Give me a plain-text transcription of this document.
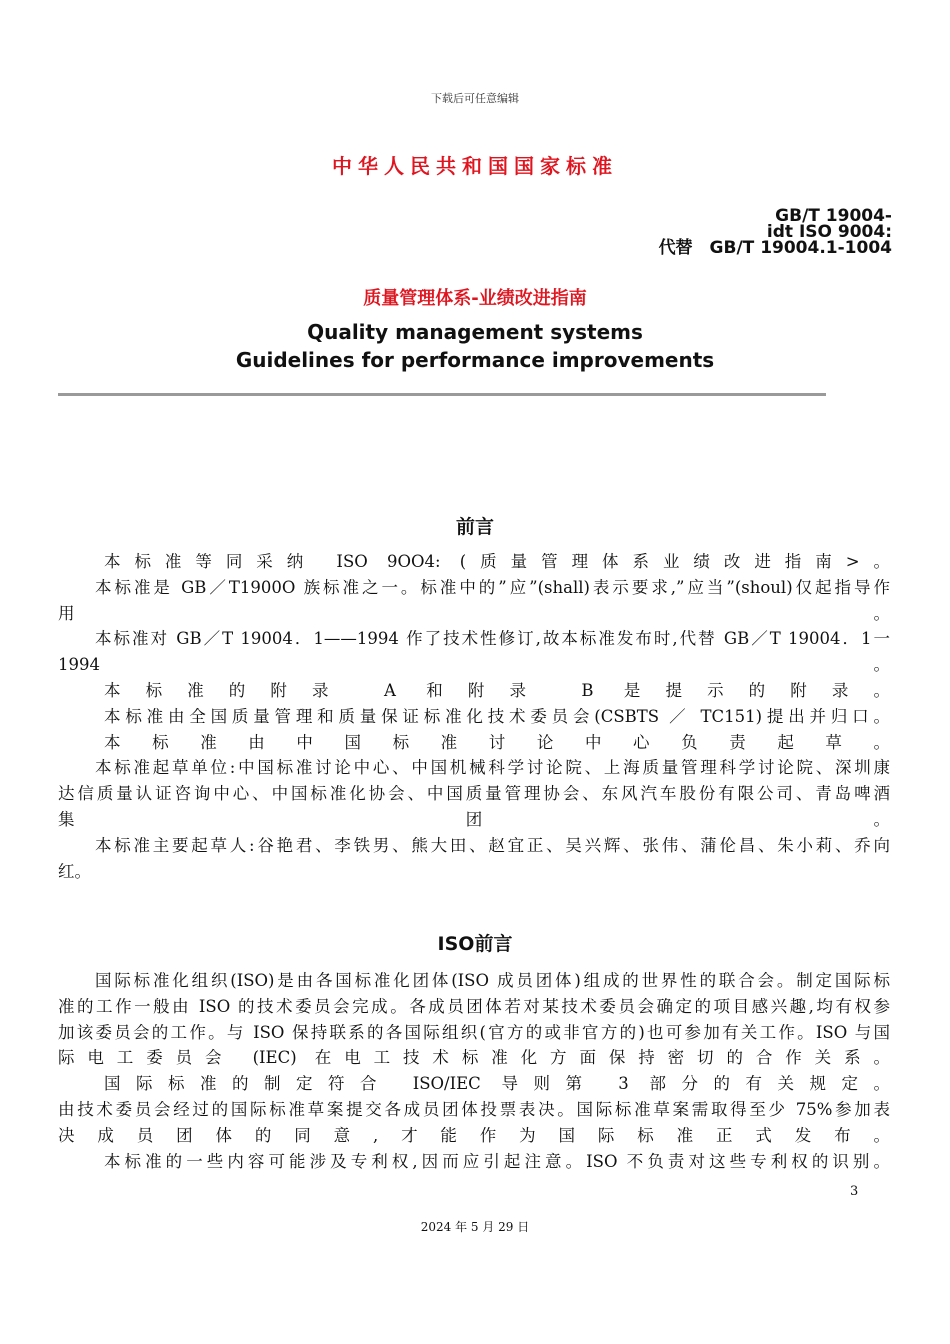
下载后可任意编辑
中华人民共和国国家标准
GB/T 19004-
idt ISO 9004:
代替　GB/T 19004.1-1004
质量管理体系-业绩改进指南
Quality management systems
Guidelines for performance improvements
前言
本标准等同采纳 ISO 9OO4: (质量管理体系业绩改进指南>。
本标准是 GB／T1900O 族标准之一。标准中的”应”(shall)表示要求,”应当”(shoul)仅起指导作
用。
本标准对 GB／T 19004．1——1994 作了技术性修订,故本标准发布时,代替 GB／T 19004．1一
1994 。
本标准的附录 A 和附录 B 是提示的附录。
本标准由全国质量管理和质量保证标准化技术委员会(CSBTS ／ TC151)提出并归口。
本标准由中国标准讨论中心负责起草。
本标准起草单位:中国标准讨论中心、中国机械科学讨论院、上海质量管理科学讨论院、深圳康
达信质量认证咨询中心、中国标准化协会、中国质量管理协会、东风汽车股份有限公司、青岛啤酒
集团。
本标准主要起草人:谷艳君、李铁男、熊大田、赵宜正、吴兴辉、张伟、蒲伦昌、朱小莉、乔向
红。
ISO前言
国际标准化组织(ISO)是由各国标准化团体(ISO 成员团体)组成的世界性的联合会。制定国际标
准的工作一般由 ISO 的技术委员会完成。各成员团体若对某技术委员会确定的项目感兴趣,均有权参
加该委员会的工作。与 ISO 保持联系的各国际组织(官方的或非官方的)也可参加有关工作。ISO 与国
际电工委员会 (IEC) 在电工技术标准化方面保持密切的合作关系。
国际标准的制定符合 ISO/IEC 导则第 3 部分的有关规定。
由技术委员会经过的国际标准草案提交各成员团体投票表决。国际标准草案需取得至少 75%参加表
决成员团体的同意,才能作为国际标准正式发布。
本标准的一些内容可能涉及专利权,因而应引起注意。ISO 不负责对这些专利权的识别。
3
2024 年 5 月 29 日
